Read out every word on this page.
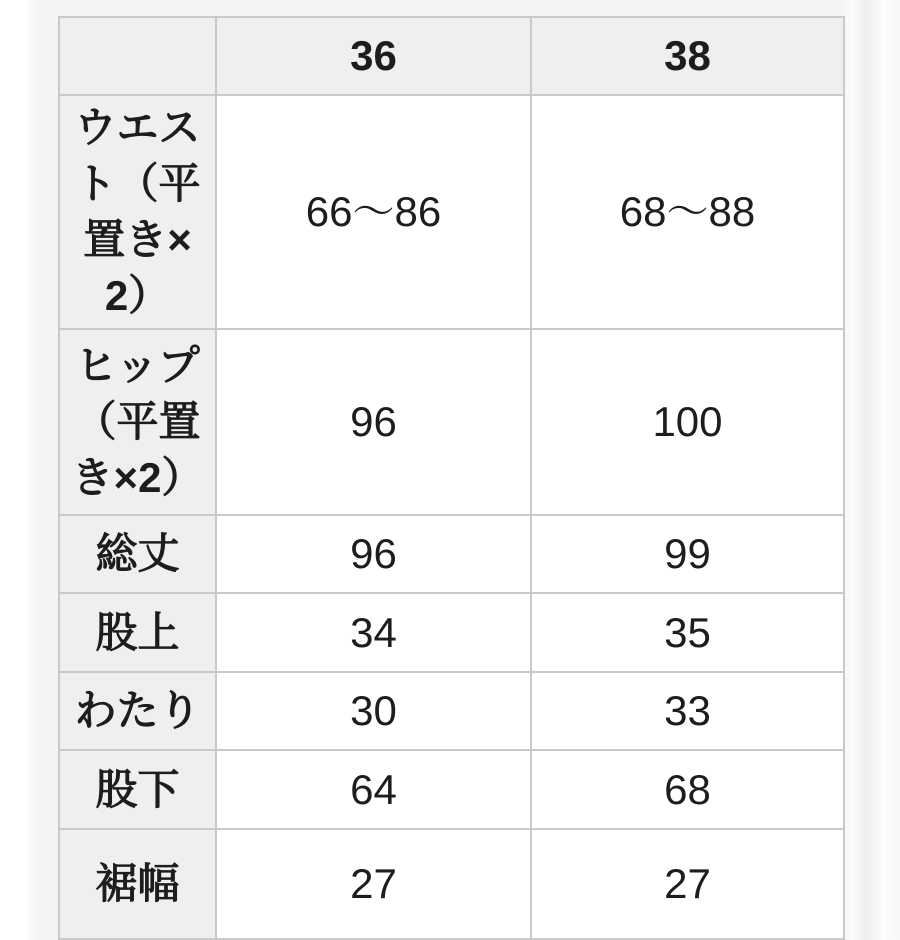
	36	38
ウエスト（平置き×2）	66〜86	68〜88
ヒップ（平置き×2）	96	100
総丈	96	99
股上	34	35
わたり	30	33
股下	64	68
裾幅	27	27
